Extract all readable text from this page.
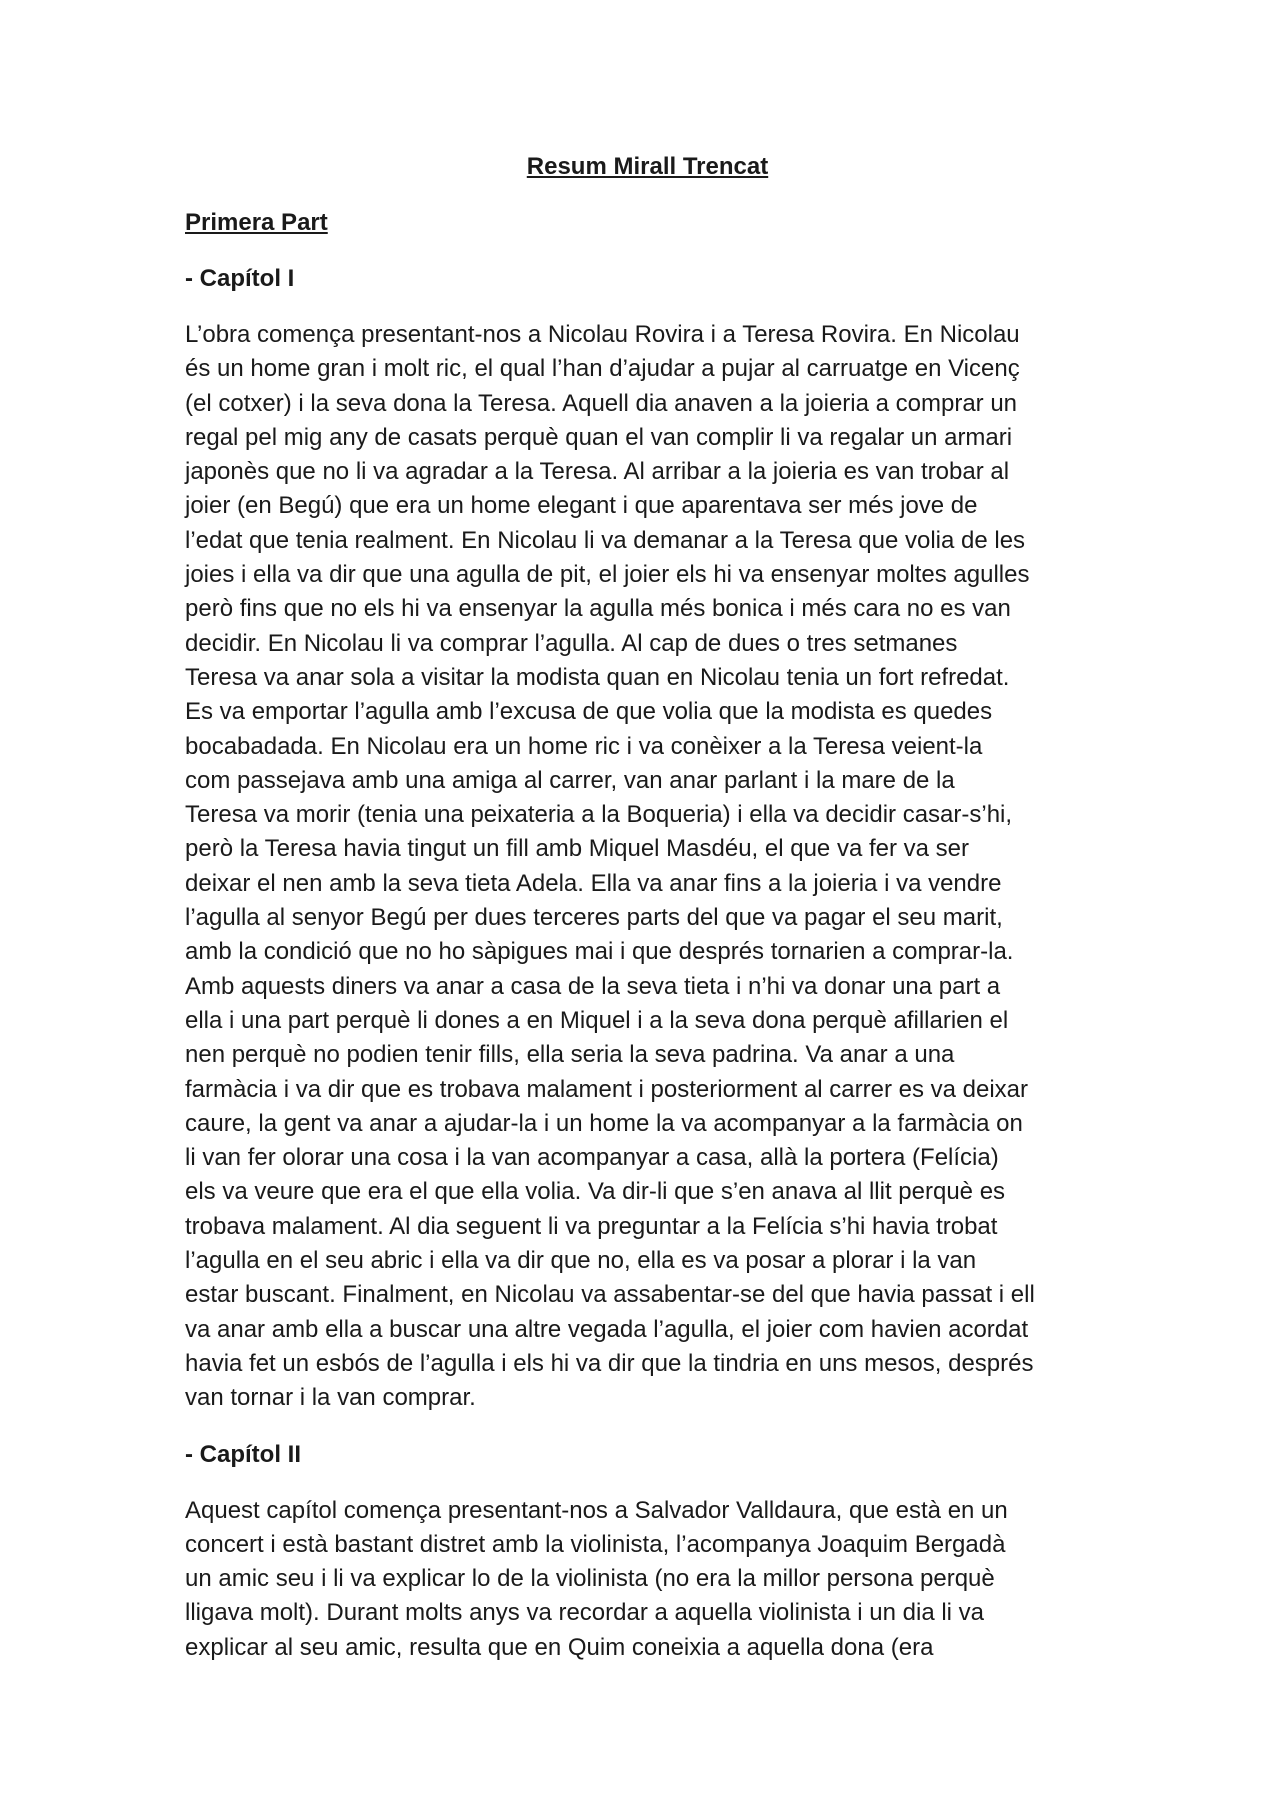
Resum Mirall Trencat
Primera Part
- Capítol I
L’obra comença presentant-nos a Nicolau Rovira i a Teresa Rovira. En Nicolau
és un home gran i molt ric, el qual l’han d’ajudar a pujar al carruatge en Vicenç
(el cotxer) i la seva dona la Teresa. Aquell dia anaven a la joieria a comprar un
regal pel mig any de casats perquè quan el van complir li va regalar un armari
japonès que no li va agradar a la Teresa. Al arribar a la joieria es van trobar al
joier (en Begú) que era un home elegant i que aparentava ser més jove de
l’edat que tenia realment. En Nicolau li va demanar a la Teresa que volia de les
joies i ella va dir que una agulla de pit, el joier els hi va ensenyar moltes agulles
però fins que no els hi va ensenyar la agulla més bonica i més cara no es van
decidir. En Nicolau li va comprar l’agulla. Al cap de dues o tres setmanes
Teresa va anar sola a visitar la modista quan en Nicolau tenia un fort refredat.
Es va emportar l’agulla amb l’excusa de que volia que la modista es quedes
bocabadada. En Nicolau era un home ric i va conèixer a la Teresa veient-la
com passejava amb una amiga al carrer, van anar parlant i la mare de la
Teresa va morir (tenia una peixateria a la Boqueria) i ella va decidir casar-s’hi,
però la Teresa havia tingut un fill amb Miquel Masdéu, el que va fer va ser
deixar el nen amb la seva tieta Adela. Ella va anar fins a la joieria i va vendre
l’agulla al senyor Begú per dues terceres parts del que va pagar el seu marit,
amb la condició que no ho sàpigues mai i que després tornarien a comprar-la.
Amb aquests diners va anar a casa de la seva tieta i n’hi va donar una part a
ella i una part perquè li dones a en Miquel i a la seva dona perquè afillarien el
nen perquè no podien tenir fills, ella seria la seva padrina. Va anar a una
farmàcia i va dir que es trobava malament i posteriorment al carrer es va deixar
caure, la gent va anar a ajudar-la i un home la va acompanyar a la farmàcia on
li van fer olorar una cosa i la van acompanyar a casa, allà la portera (Felícia)
els va veure que era el que ella volia. Va dir-li que s’en anava al llit perquè es
trobava malament. Al dia seguent li va preguntar a la Felícia s’hi havia trobat
l’agulla en el seu abric i ella va dir que no, ella es va posar a plorar i la van
estar buscant. Finalment, en Nicolau va assabentar-se del que havia passat i ell
va anar amb ella a buscar una altre vegada l’agulla, el joier com havien acordat
havia fet un esbós de l’agulla i els hi va dir que la tindria en uns mesos, després
van tornar i la van comprar.
- Capítol II
Aquest capítol comença presentant-nos a Salvador Valldaura, que està en un
concert i està bastant distret amb la violinista, l’acompanya Joaquim Bergadà
un amic seu i li va explicar lo de la violinista (no era la millor persona perquè
lligava molt). Durant molts anys va recordar a aquella violinista i un dia li va
explicar al seu amic, resulta que en Quim coneixia a aquella dona (era
